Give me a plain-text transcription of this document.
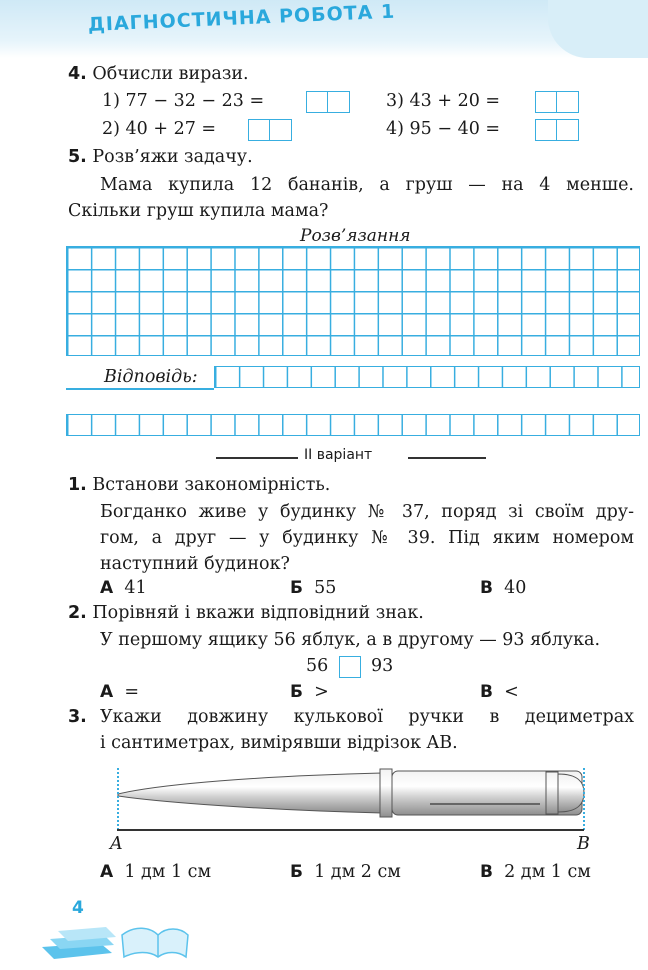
ДІАГНОСТИЧНА РОБОТА 1
4. Обчисли вирази.
1) 77 − 32 − 23 =	3) 43 + 20 =
2) 40 + 27 =	4) 95 − 40 =
5. Розв’яжи задачу.
Мама купила 12 бананів, а груш — на 4 менше.
Скільки груш купила мама?
Розв’язання
Відповідь:
ІІ варіант
1. Встанови закономірність.
Богданко живе у будинку № 37, поряд зі своїм дру-
гом, а друг — у будинку № 39. Під яким номером
наступний будинок?
А 41	Б 55	В 40
2. Порівняй і вкажи відповідний знак.
У першому ящику 56 яблук, а в другому — 93 яблука.
56 93
А =	Б >	В <
3. Укажи довжину кулькової ручки в дециметрах
і сантиметрах, вимірявши відрізок AB.
A	B
А 1 дм 1 см	Б 1 дм 2 см	В 2 дм 1 см
4
